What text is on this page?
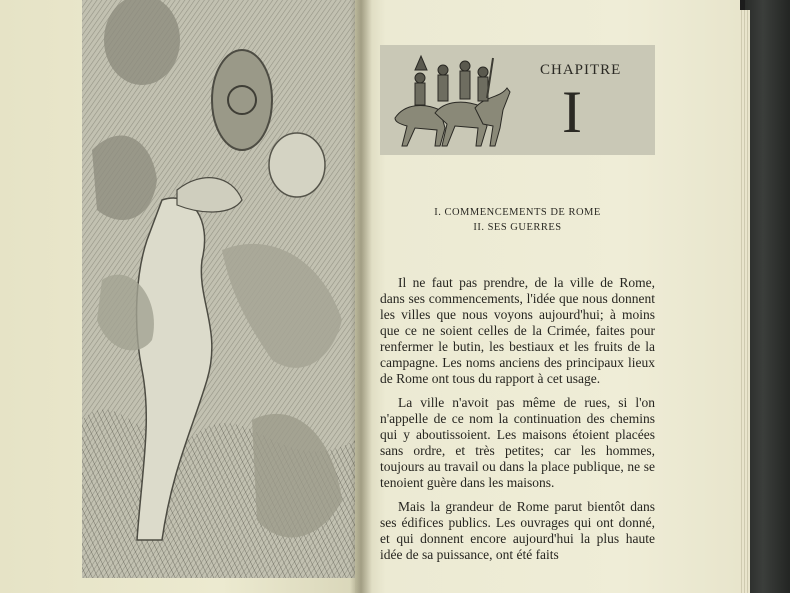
CHAPITRE
I
I. COMMENCEMENTS DE ROME
II. SES GUERRES
Il ne faut pas prendre, de la ville de Rome, dans ses commencements, l'idée que nous donnent les villes que nous voyons aujourd'hui; à moins que ce ne soient celles de la Crimée, faites pour renfermer le butin, les bestiaux et les fruits de la campagne. Les noms anciens des principaux lieux de Rome ont tous du rapport à cet usage.
La ville n'avoit pas même de rues, si l'on n'appelle de ce nom la continuation des chemins qui y aboutissoient. Les maisons étoient placées sans ordre, et très petites; car les hommes, toujours au travail ou dans la place publique, ne se tenoient guère dans les maisons.
Mais la grandeur de Rome parut bientôt dans ses édifices publics. Les ouvrages qui ont donné, et qui donnent encore aujourd'hui la plus haute idée de sa puissance, ont été faits
